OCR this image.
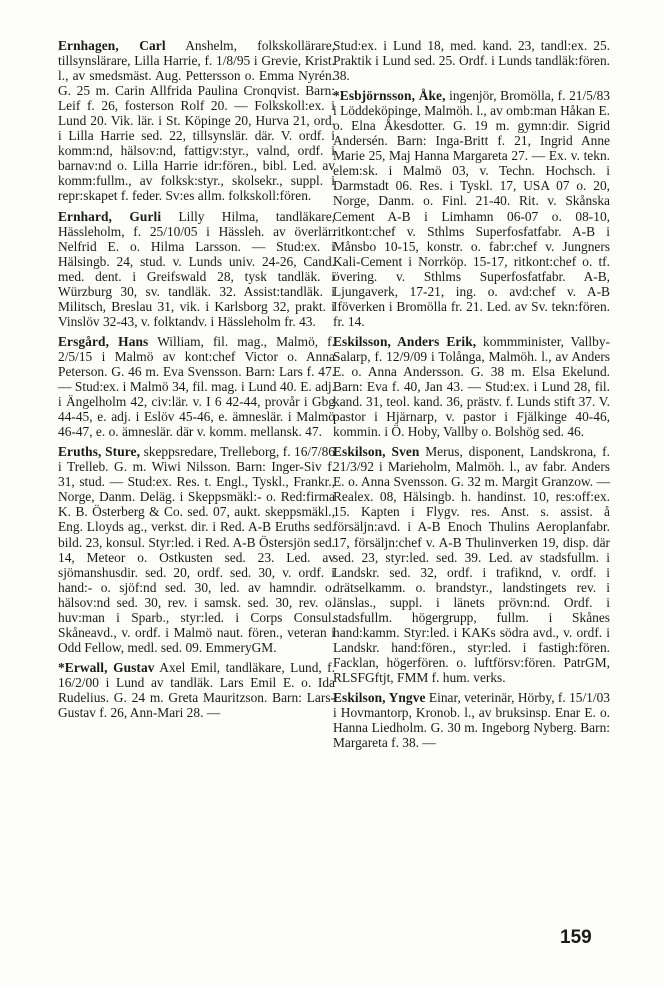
Ernhagen, Carl Anshelm, folkskollärare, tillsynslärare, Lilla Harrie, f. 1/8/95 i Grevie, Krist. l., av smedsmäst. Aug. Pettersson o. Emma Nyrén. G. 25 m. Carin Allfrida Paulina Cronqvist. Barn: Leif f. 26, fosterson Rolf 20. — Folkskoll:ex. i Lund 20. Vik. lär. i St. Köpinge 20, Hurva 21, ord. i Lilla Harrie sed. 22, tillsynslär. där. V. ordf. i komm:nd, hälsov:nd, fattigv:styr., valnd, ordf. i barnav:nd o. Lilla Harrie idr:fören., bibl. Led. av komm:fullm., av folksk:styr., skolsekr., suppl. i repr:skapet f. feder. Sv:es allm. folkskoll:fören.

Ernhard, Gurli Lilly Hilma, tandläkare, Hässleholm, f. 25/10/05 i Hässleh. av överlär. Nelfrid E. o. Hilma Larsson. — Stud:ex. i Hälsingb. 24, stud. v. Lunds univ. 24-26, Cand. med. dent. i Greifswald 28, tysk tandläk. i Würzburg 30, sv. tandläk. 32. Assist:tandläk. i Militsch, Breslau 31, vik. i Karlsborg 32, prakt. i Vinslöv 32-43, v. folktandv. i Hässleholm fr. 43.

Ersgård, Hans William, fil. mag., Malmö, f. 2/5/15 i Malmö av kont:chef Victor o. Anna Peterson. G. 46 m. Eva Svensson. Barn: Lars f. 47. — Stud:ex. i Malmö 34, fil. mag. i Lund 40. E. adj. i Ängelholm 42, civ:lär. v. I 6 42-44, provår i Gbg 44-45, e. adj. i Eslöv 45-46, e. ämneslär. i Malmö 46-47, e. o. ämneslär. där v. komm. mellansk. 47.

Eruths, Sture, skeppsredare, Trelleborg, f. 16/7/86 i Trelleb. G. m. Wiwi Nilsson. Barn: Inger-Siv f. 31, stud. — Stud:ex. Res. t. Engl., Tyskl., Frankr., Norge, Danm. Deläg. i Skeppsmäkl:- o. Red:firma K. B. Österberg & Co. sed. 07, aukt. skeppsmäkl., Eng. Lloyds ag., verkst. dir. i Red. A-B Eruths sed. bild. 23, konsul. Styr:led. i Red. A-B Östersjön sed. 14, Meteor o. Ostkusten sed. 23. Led. av sjömanshusdir. sed. 20, ordf. sed. 30, v. ordf. i hand:- o. sjöf:nd sed. 30, led. av hamndir. o. hälsov:nd sed. 30, rev. i samsk. sed. 30, rev. o. huv:man i Sparb., styr:led. i Corps Consul. Skåneavd., v. ordf. i Malmö naut. fören., veteran i Odd Fellow, medl. sed. 09. EmmeryGM.

*Erwall, Gustav Axel Emil, tandläkare, Lund, f. 16/2/00 i Lund av tandläk. Lars Emil E. o. Ida Rudelius. G. 24 m. Greta Mauritzson. Barn: Lars-Gustav f. 26, Ann-Mari 28. —

Stud:ex. i Lund 18, med. kand. 23, tandl:ex. 25. Praktik i Lund sed. 25. Ordf. i Lunds tandläk:fören. 38.

*Esbjörnsson, Åke, ingenjör, Bromölla, f. 21/5/83 i Löddeköpinge, Malmöh. l., av omb:man Håkan E. o. Elna Åkesdotter. G. 19 m. gymn:dir. Sigrid Andersén. Barn: Inga-Britt f. 21, Ingrid Anne Marie 25, Maj Hanna Margareta 27. — Ex. v. tekn. elem:sk. i Malmö 03, v. Techn. Hochsch. i Darmstadt 06. Res. i Tyskl. 17, USA 07 o. 20, Norge, Danm. o. Finl. 21-40. Rit. v. Skånska Cement A-B i Limhamn 06-07 o. 08-10, ritkont:chef v. Sthlms Superfosfatfabr. A-B i Månsbo 10-15, konstr. o. fabr:chef v. Jungners Kali-Cement i Norrköp. 15-17, ritkont:chef o. tf. övering. v. Sthlms Superfosfatfabr. A-B, Ljungaverk, 17-21, ing. o. avd:chef v. A-B Iföverken i Bromölla fr. 21. Led. av Sv. tekn:fören. fr. 14.

Eskilsson, Anders Erik, kommminister, Vallby-Salarp, f. 12/9/09 i Tolånga, Malmöh. l., av Anders E. o. Anna Andersson. G. 38 m. Elsa Ekelund. Barn: Eva f. 40, Jan 43. — Stud:ex. i Lund 28, fil. kand. 31, teol. kand. 36, prästv. f. Lunds stift 37. V. pastor i Hjärnarp, v. pastor i Fjälkinge 40-46, kommin. i Ö. Hoby, Vallby o. Bolshög sed. 46.

Eskilson, Sven Merus, disponent, Landskrona, f. 21/3/92 i Marieholm, Malmöh. l., av fabr. Anders E. o. Anna Svensson. G. 32 m. Margit Granzow. — Realex. 08, Hälsingb. h. handinst. 10, res:off:ex. 15. Kapten i Flygv. res. Anst. s. assist. å försäljn:avd. i A-B Enoch Thulins Aeroplanfabr. 17, försäljn:chef v. A-B Thulinverken 19, disp. där sed. 23, styr:led. sed. 39. Led. av stadsfullm. i Landskr. sed. 32, ordf. i trafiknd, v. ordf. i drätselkamm. o. brandstyr., landstingets rev. i länslas., suppl. i länets prövn:nd. Ordf. i stadsfullm. högergrupp, fullm. i Skånes hand:kamm. Styr:led. i KAKs södra avd., v. ordf. i Landskr. hand:fören., styr:led. i fastigh:fören. Facklan, högerfören. o. luftförsv:fören. PatrGM, RLSFGftjt, FMM f. hum. verks.

Eskilson, Yngve Einar, veterinär, Hörby, f. 15/1/03 i Hovmantorp, Kronob. l., av bruksinsp. Enar E. o. Hanna Liedholm. G. 30 m. Ingeborg Nyberg. Barn: Margareta f. 38. —

159
